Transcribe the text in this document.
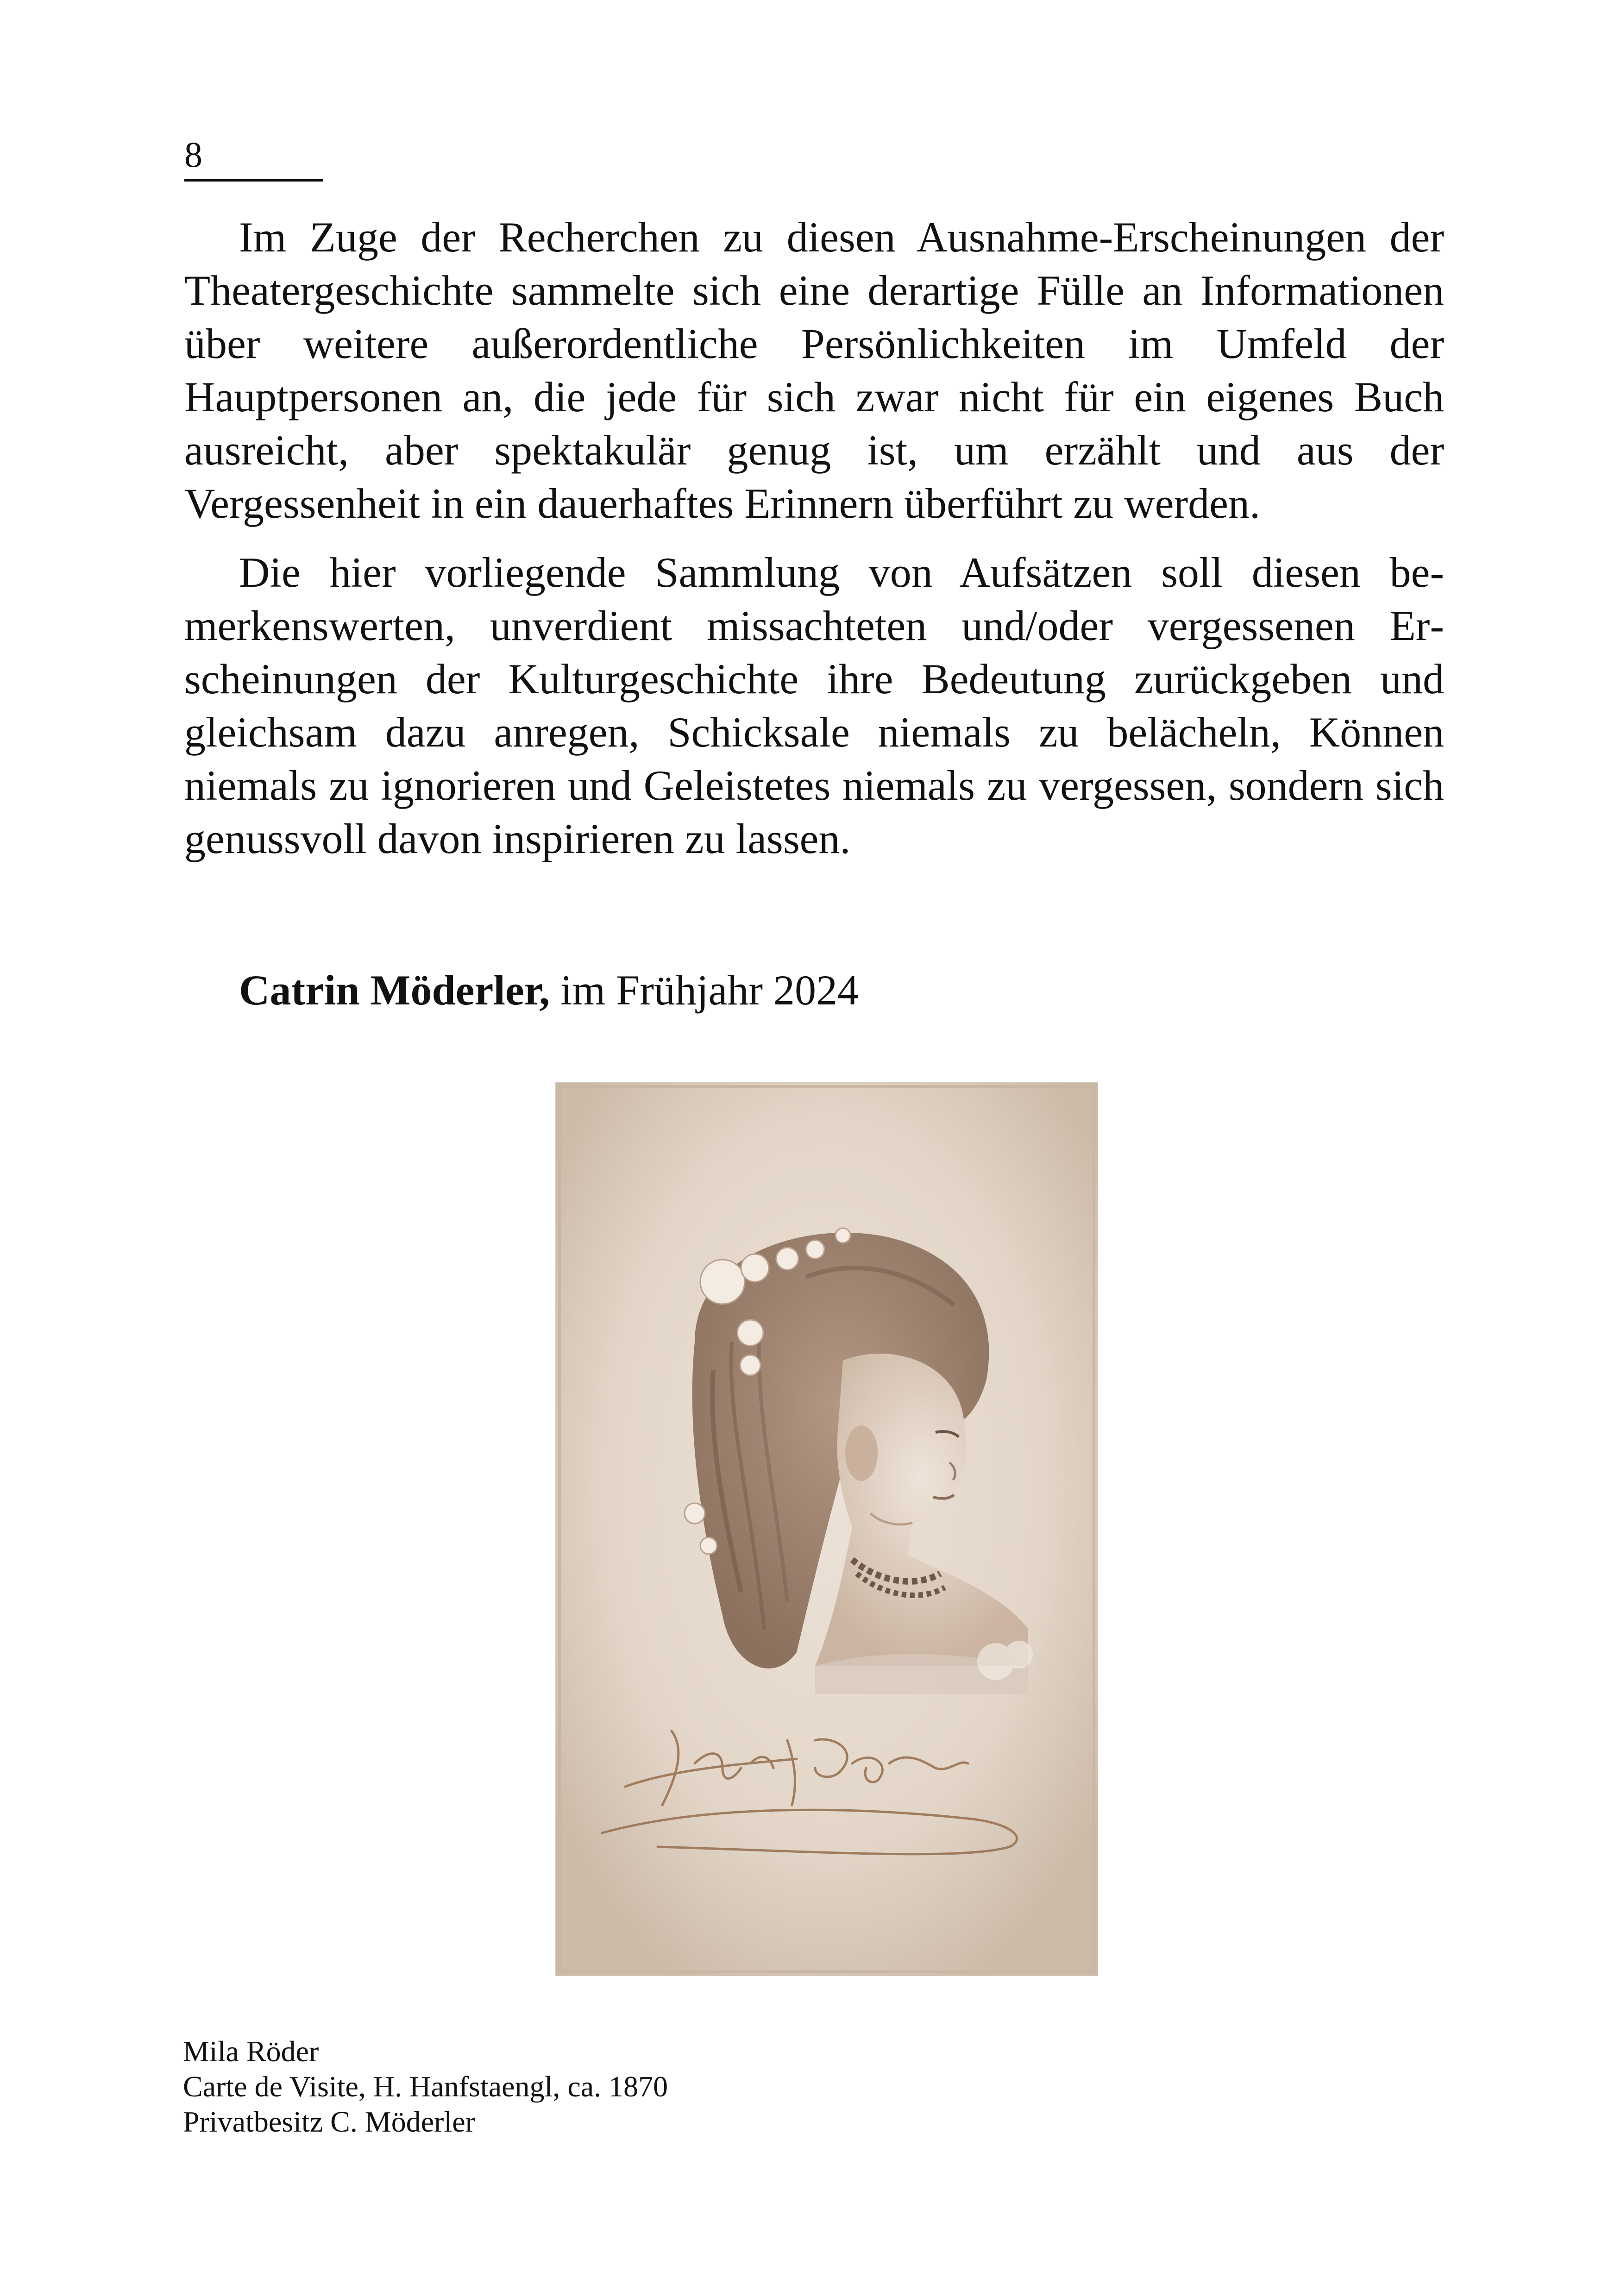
8

Im Zuge der Recherchen zu diesen Ausnahme-Erscheinungen der Theatergeschichte sammelte sich eine derartige Fülle an Informationen über weitere außerordentliche Persönlichkeiten im Umfeld der Hauptpersonen an, die jede für sich zwar nicht für ein eigenes Buch ausreicht, aber spektakulär genug ist, um erzählt und aus der Vergessenheit in ein dauerhaftes Erinnern überführt zu werden.

Die hier vorliegende Sammlung von Aufsätzen soll diesen bemerkenswerten, unverdient missachteten und/oder vergessenen Erscheinungen der Kulturgeschichte ihre Bedeutung zurückgeben und gleichsam dazu anregen, Schicksale niemals zu belächeln, Können niemals zu ignorieren und Geleistetes niemals zu vergessen, sondern sich genussvoll davon inspirieren zu lassen.

Catrin Möderler, im Frühjahr 2024
Mila Röder
Carte de Visite, H. Hanfstaengl, ca. 1870
Privatbesitz C. Möderler
